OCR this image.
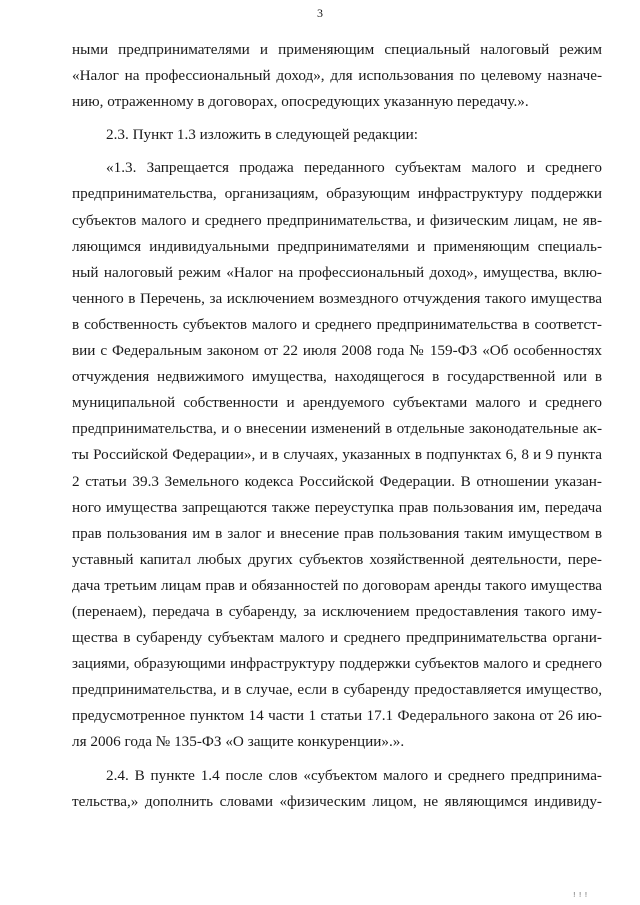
3
ными предпринимателями и применяющим специальный налоговый режим
«Налог на профессиональный доход», для использования по целевому назначе-
нию, отраженному в договорах, опосредующих указанную передачу.».
2.3. Пункт 1.3 изложить в следующей редакции:
«1.3. Запрещается продажа переданного субъектам малого и среднего
предпринимательства, организациям, образующим инфраструктуру поддержки
субъектов малого и среднего предпринимательства, и физическим лицам, не яв-
ляющимся индивидуальными предпринимателями и применяющим специаль-
ный налоговый режим «Налог на профессиональный доход», имущества, вклю-
ченного в Перечень, за исключением возмездного отчуждения такого имущества
в собственность субъектов малого и среднего предпринимательства в соответст-
вии с Федеральным законом от 22 июля 2008 года № 159-ФЗ «Об особенностях
отчуждения недвижимого имущества, находящегося в государственной или в
муниципальной собственности и арендуемого субъектами малого и среднего
предпринимательства, и о внесении изменений в отдельные законодательные ак-
ты Российской Федерации», и в случаях, указанных в подпунктах 6, 8 и 9 пункта
2 статьи 39.3 Земельного кодекса Российской Федерации. В отношении указан-
ного имущества запрещаются также переуступка прав пользования им, передача
прав пользования им в залог и внесение прав пользования таким имуществом в
уставный капитал любых других субъектов хозяйственной деятельности, пере-
дача третьим лицам прав и обязанностей по договорам аренды такого имущества
(перенаем), передача в субаренду, за исключением предоставления такого иму-
щества в субаренду субъектам малого и среднего предпринимательства органи-
зациями, образующими инфраструктуру поддержки субъектов малого и среднего
предпринимательства, и в случае, если в субаренду предоставляется имущество,
предусмотренное пунктом 14 части 1 статьи 17.1 Федерального закона от 26 ию-
ля 2006 года № 135-ФЗ «О защите конкуренции».».
2.4. В пункте 1.4 после слов «субъектом малого и среднего предпринима-
тельства,» дополнить словами «физическим лицом, не являющимся индивиду-
! ! !
